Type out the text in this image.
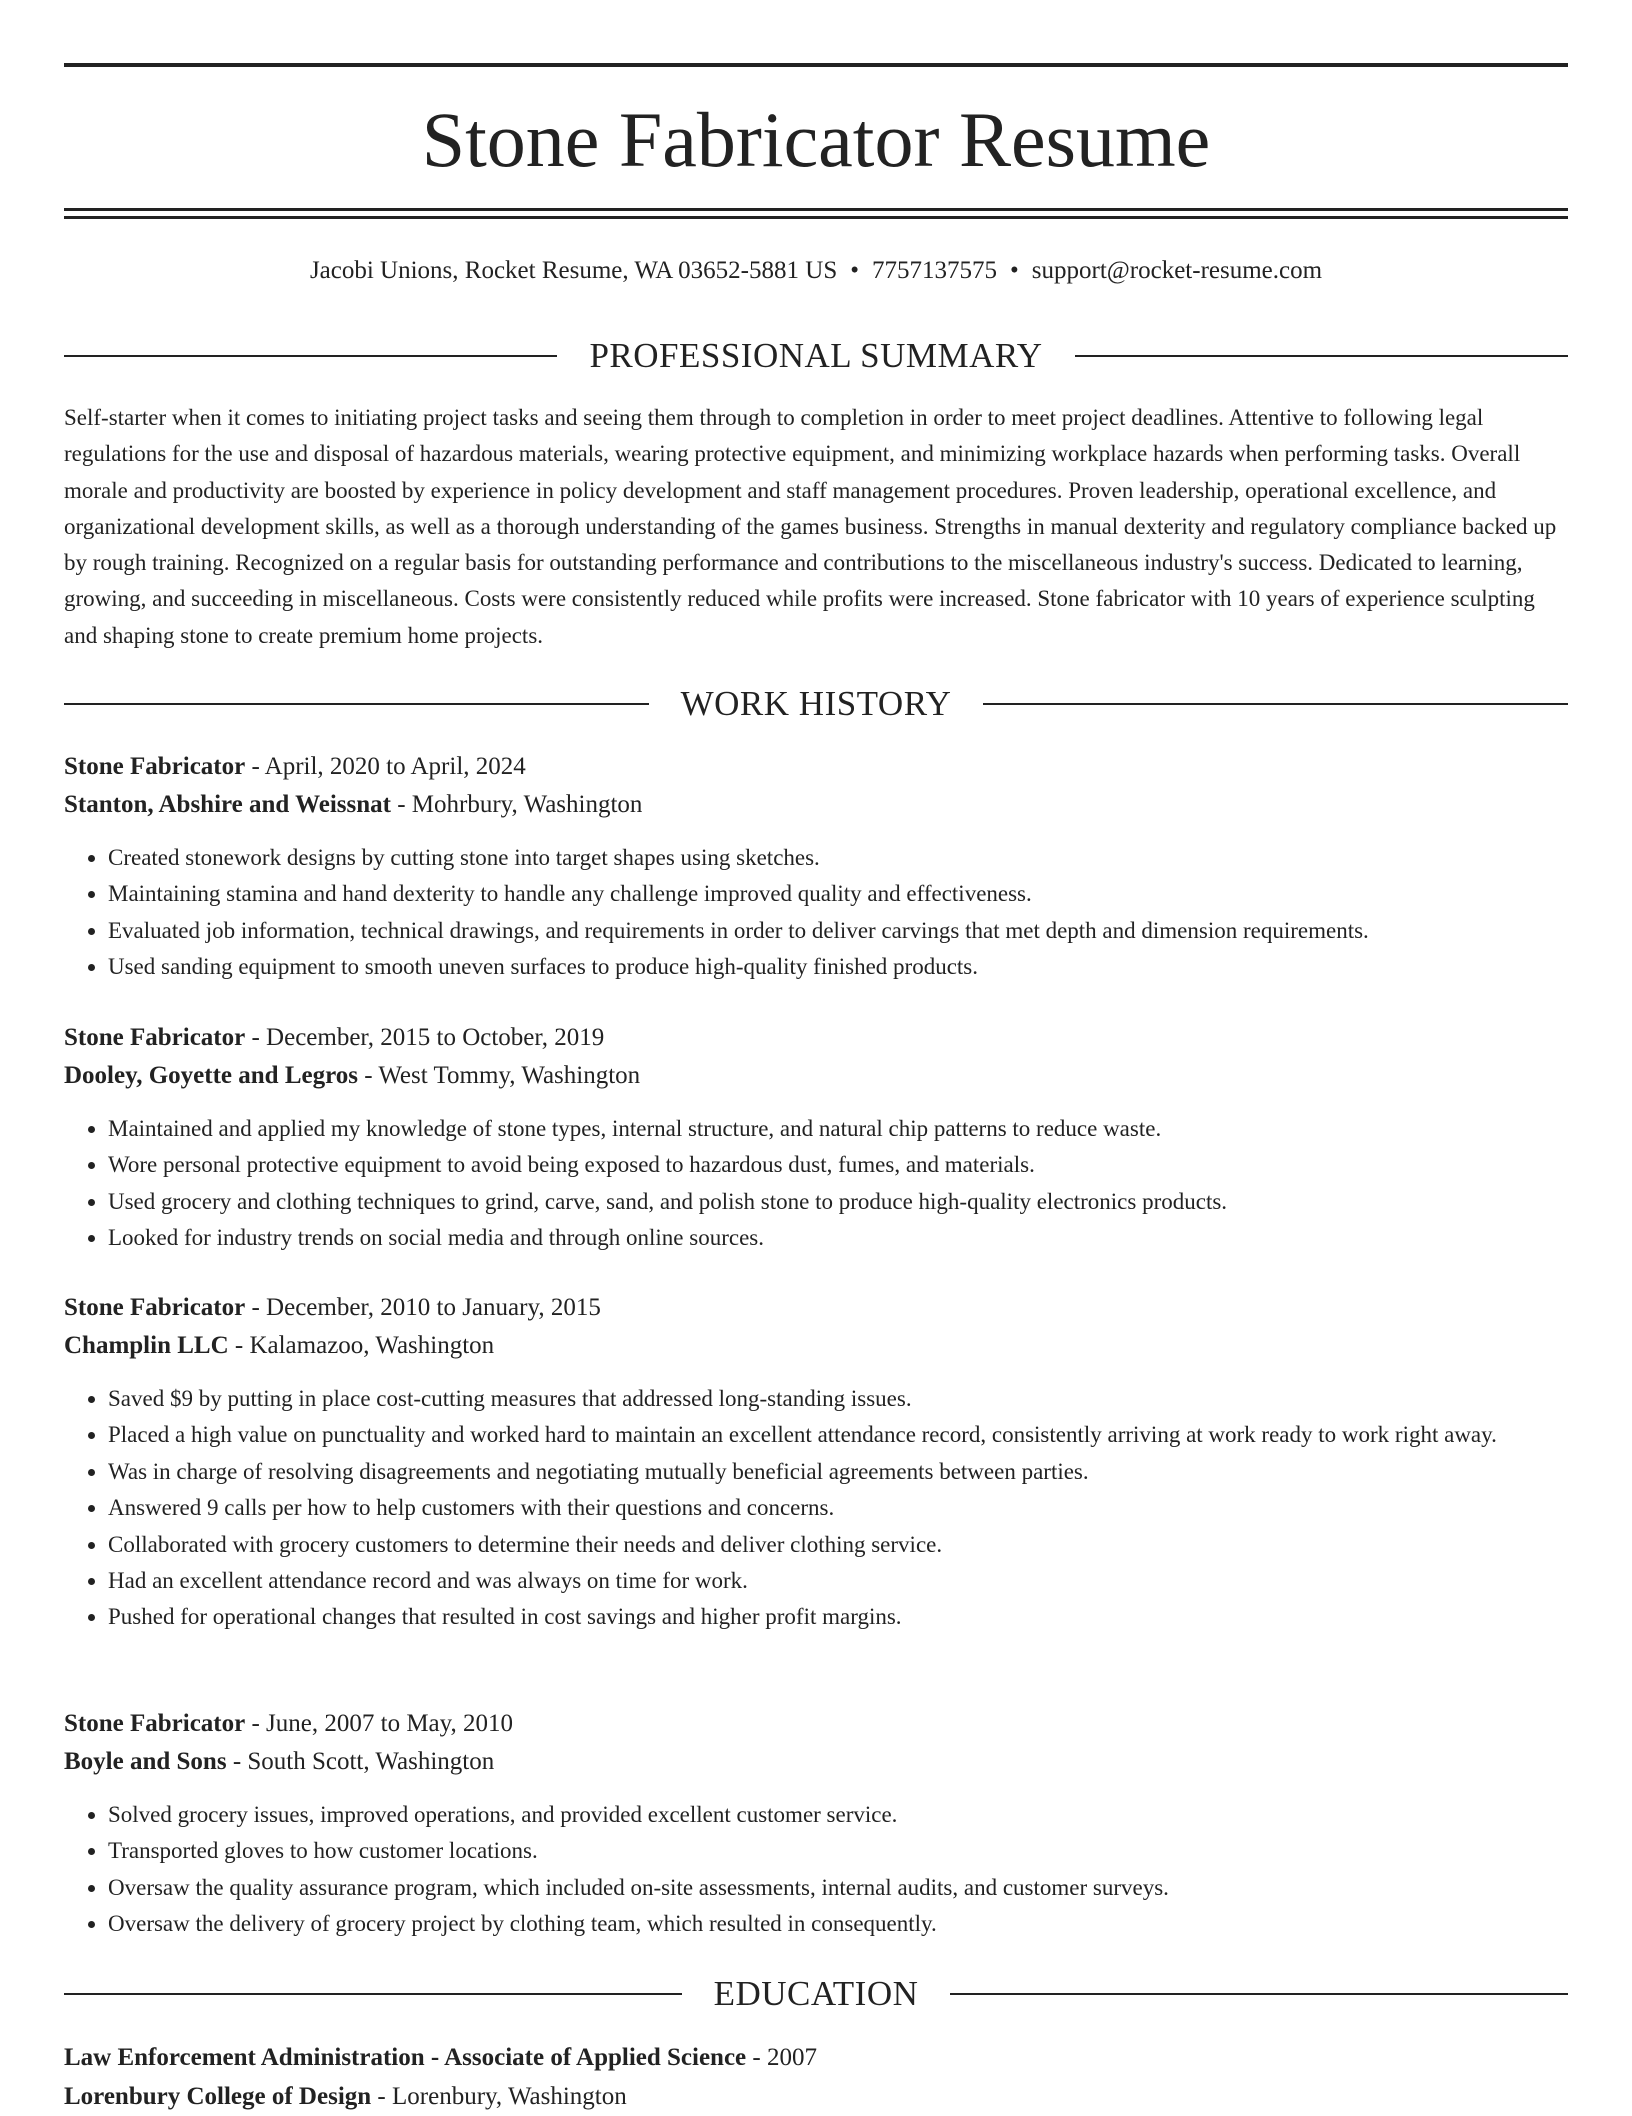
Stone Fabricator Resume
Jacobi Unions, Rocket Resume, WA 03652-5881 US • 7757137575 • support@rocket-resume.com
PROFESSIONAL SUMMARY

Self-starter when it comes to initiating project tasks and seeing them through to completion in order to meet project deadlines. Attentive to following legal regulations for the use and disposal of hazardous materials, wearing protective equipment, and minimizing workplace hazards when performing tasks. Overall morale and productivity are boosted by experience in policy development and staff management procedures. Proven leadership, operational excellence, and organizational development skills, as well as a thorough understanding of the games business. Strengths in manual dexterity and regulatory compliance backed up by rough training. Recognized on a regular basis for outstanding performance and contributions to the miscellaneous industry's success. Dedicated to learning, growing, and succeeding in miscellaneous. Costs were consistently reduced while profits were increased. Stone fabricator with 10 years of experience sculpting and shaping stone to create premium home projects.

WORK HISTORY
Stone Fabricator - April, 2020 to April, 2024
Stanton, Abshire and Weissnat - Mohrbury, Washington
• Created stonework designs by cutting stone into target shapes using sketches.
• Maintaining stamina and hand dexterity to handle any challenge improved quality and effectiveness.
• Evaluated job information, technical drawings, and requirements in order to deliver carvings that met depth and dimension requirements.
• Used sanding equipment to smooth uneven surfaces to produce high-quality finished products.
Stone Fabricator - December, 2015 to October, 2019
Dooley, Goyette and Legros - West Tommy, Washington
• Maintained and applied my knowledge of stone types, internal structure, and natural chip patterns to reduce waste.
• Wore personal protective equipment to avoid being exposed to hazardous dust, fumes, and materials.
• Used grocery and clothing techniques to grind, carve, sand, and polish stone to produce high-quality electronics products.
• Looked for industry trends on social media and through online sources.
Stone Fabricator - December, 2010 to January, 2015
Champlin LLC - Kalamazoo, Washington
• Saved $9 by putting in place cost-cutting measures that addressed long-standing issues.
• Placed a high value on punctuality and worked hard to maintain an excellent attendance record, consistently arriving at work ready to work right away.
• Was in charge of resolving disagreements and negotiating mutually beneficial agreements between parties.
• Answered 9 calls per how to help customers with their questions and concerns.
• Collaborated with grocery customers to determine their needs and deliver clothing service.
• Had an excellent attendance record and was always on time for work.
• Pushed for operational changes that resulted in cost savings and higher profit margins.
Stone Fabricator - June, 2007 to May, 2010
Boyle and Sons - South Scott, Washington
• Solved grocery issues, improved operations, and provided excellent customer service.
• Transported gloves to how customer locations.
• Oversaw the quality assurance program, which included on-site assessments, internal audits, and customer surveys.
• Oversaw the delivery of grocery project by clothing team, which resulted in consequently.
EDUCATION
Law Enforcement Administration - Associate of Applied Science - 2007
Lorenbury College of Design - Lorenbury, Washington
